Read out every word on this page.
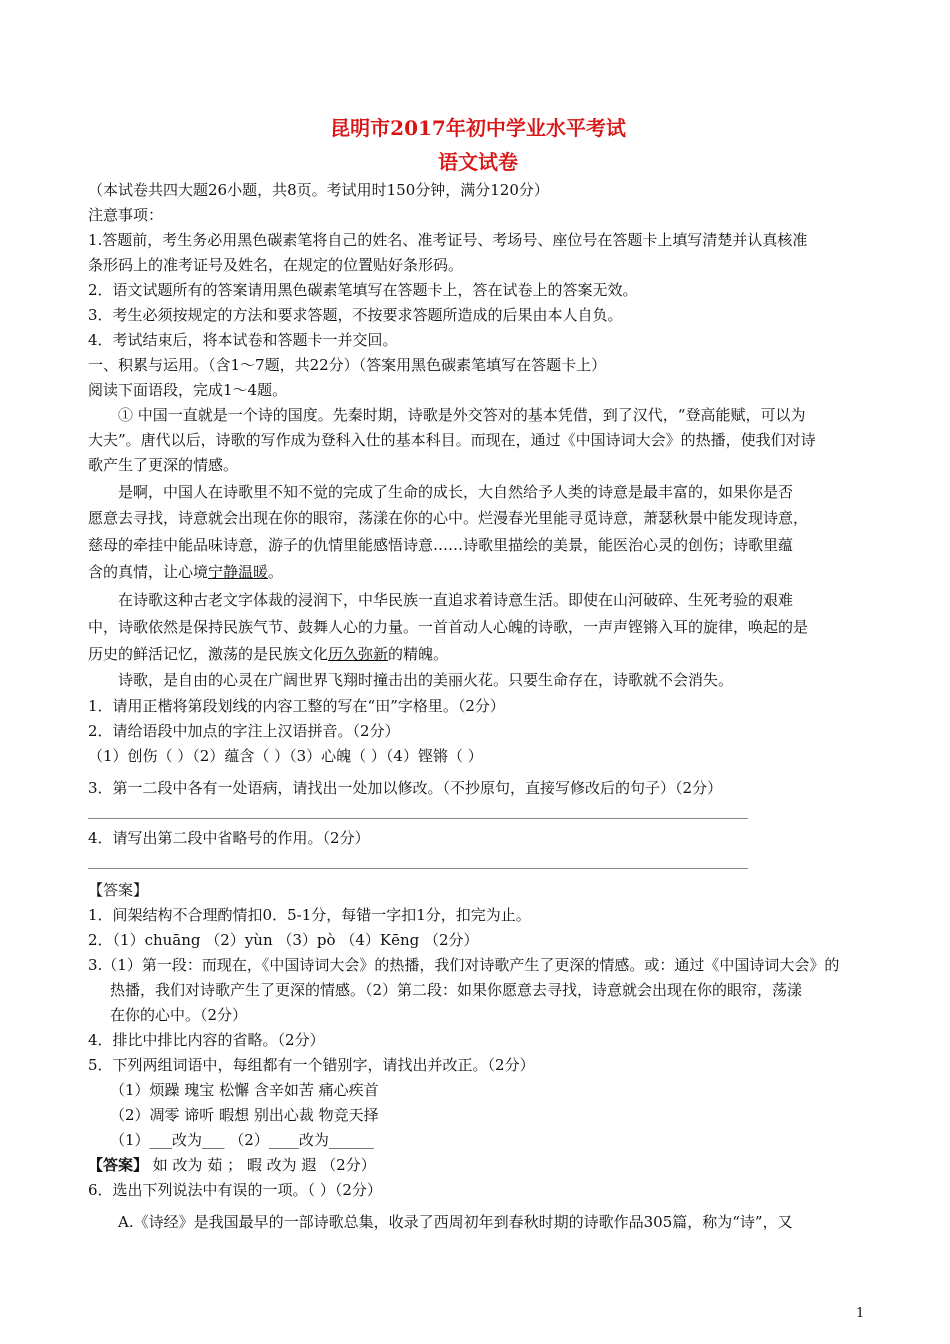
昆明市2017年初中学业水平考试
语文试卷

（本试卷共四大题26小题，共8页。考试用时150分钟，满分120分）

注意事项：

1.答题前，考生务必用黑色碳素笔将自己的姓名、准考证号、考场号、座位号在答题卡上填写清楚并认真核准

条形码上的准考证号及姓名，在规定的位置贴好条形码。

2．语文试题所有的答案请用黑色碳素笔填写在答题卡上，答在试卷上的答案无效。

3．考生必须按规定的方法和要求答题，不按要求答题所造成的后果由本人自负。

4．考试结束后，将本试卷和答题卡一并交回。

一、积累与运用。（含1〜7题，共22分）（答案用黑色碳素笔填写在答题卡上）

阅读下面语段，完成1〜4题。

① 中国一直就是一个诗的国度。先秦时期，诗歌是外交答对的基本凭借，到了汉代，“登高能赋，可以为

大夫”。唐代以后，诗歌的写作成为登科入仕的基本科目。而现在，通过《中国诗词大会》的热播，使我们对诗

歌产生了更深的情感。

是啊，中国人在诗歌里不知不觉的完成了生命的成长，大自然给予人类的诗意是最丰富的，如果你是否

愿意去寻找，诗意就会出现在你的眼帘，荡漾在你的心中。烂漫春光里能寻觅诗意，萧瑟秋景中能发现诗意，

慈母的牵挂中能品味诗意，游子的仇情里能感悟诗意……诗歌里描绘的美景，能医治心灵的创伤；诗歌里蕴

含的真情，让心境宁静温暖。

在诗歌这种古老文字体裁的浸润下，中华民族一直追求着诗意生活。即使在山河破碎、生死考验的艰难

中，诗歌依然是保持民族气节、鼓舞人心的力量。一首首动人心魄的诗歌，一声声铿锵入耳的旋律，唤起的是

历史的鲜活记忆，激荡的是民族文化历久弥新的精魄。

诗歌，是自由的心灵在广阔世界飞翔时撞击出的美丽火花。只要生命存在，诗歌就不会消失。

1．请用正楷将第段划线的内容工整的写在“田”字格里。（2分）

2．请给语段中加点的字注上汉语拼音。（2分）

（1）创伤（ ）（2）蕴含（ ）（3）心魄（ ）（4）铿锵（ ）

3．第一二段中各有一处语病，请找出一处加以修改。（不抄原句，直接写修改后的句子）（2分）

4．请写出第二段中省略号的作用。（2分）

【答案】

1．间架结构不合理酌情扣0．5-1分，每错一字扣1分，扣完为止。

2．（1）chuāng （2）yùn （3）pò （4）Kēng （2分）

3.（1）第一段：而现在，《中国诗词大会》的热播，我们对诗歌产生了更深的情感。或：通过《中国诗词大会》的

热播，我们对诗歌产生了更深的情感。（2）第二段：如果你愿意去寻找，诗意就会出现在你的眼帘，荡漾

在你的心中。（2分）

4．排比中排比内容的省略。（2分）

5．下列两组词语中，每组都有一个错别字，请找出并改正。（2分）

（1）烦躁 瑰宝 松懈 含辛如苦 痛心疾首

（2）凋零 谛听 暇想 别出心裁 物竞天择

（1）___改为___ （2）____改为______

【答案】 如 改为 茹 ； 暇 改为 遐 （2分）

6．选出下列说法中有误的一项。（ ）（2分）

A.《诗经》是我国最早的一部诗歌总集，收录了西周初年到春秋时期的诗歌作品305篇，称为“诗”，又

1
